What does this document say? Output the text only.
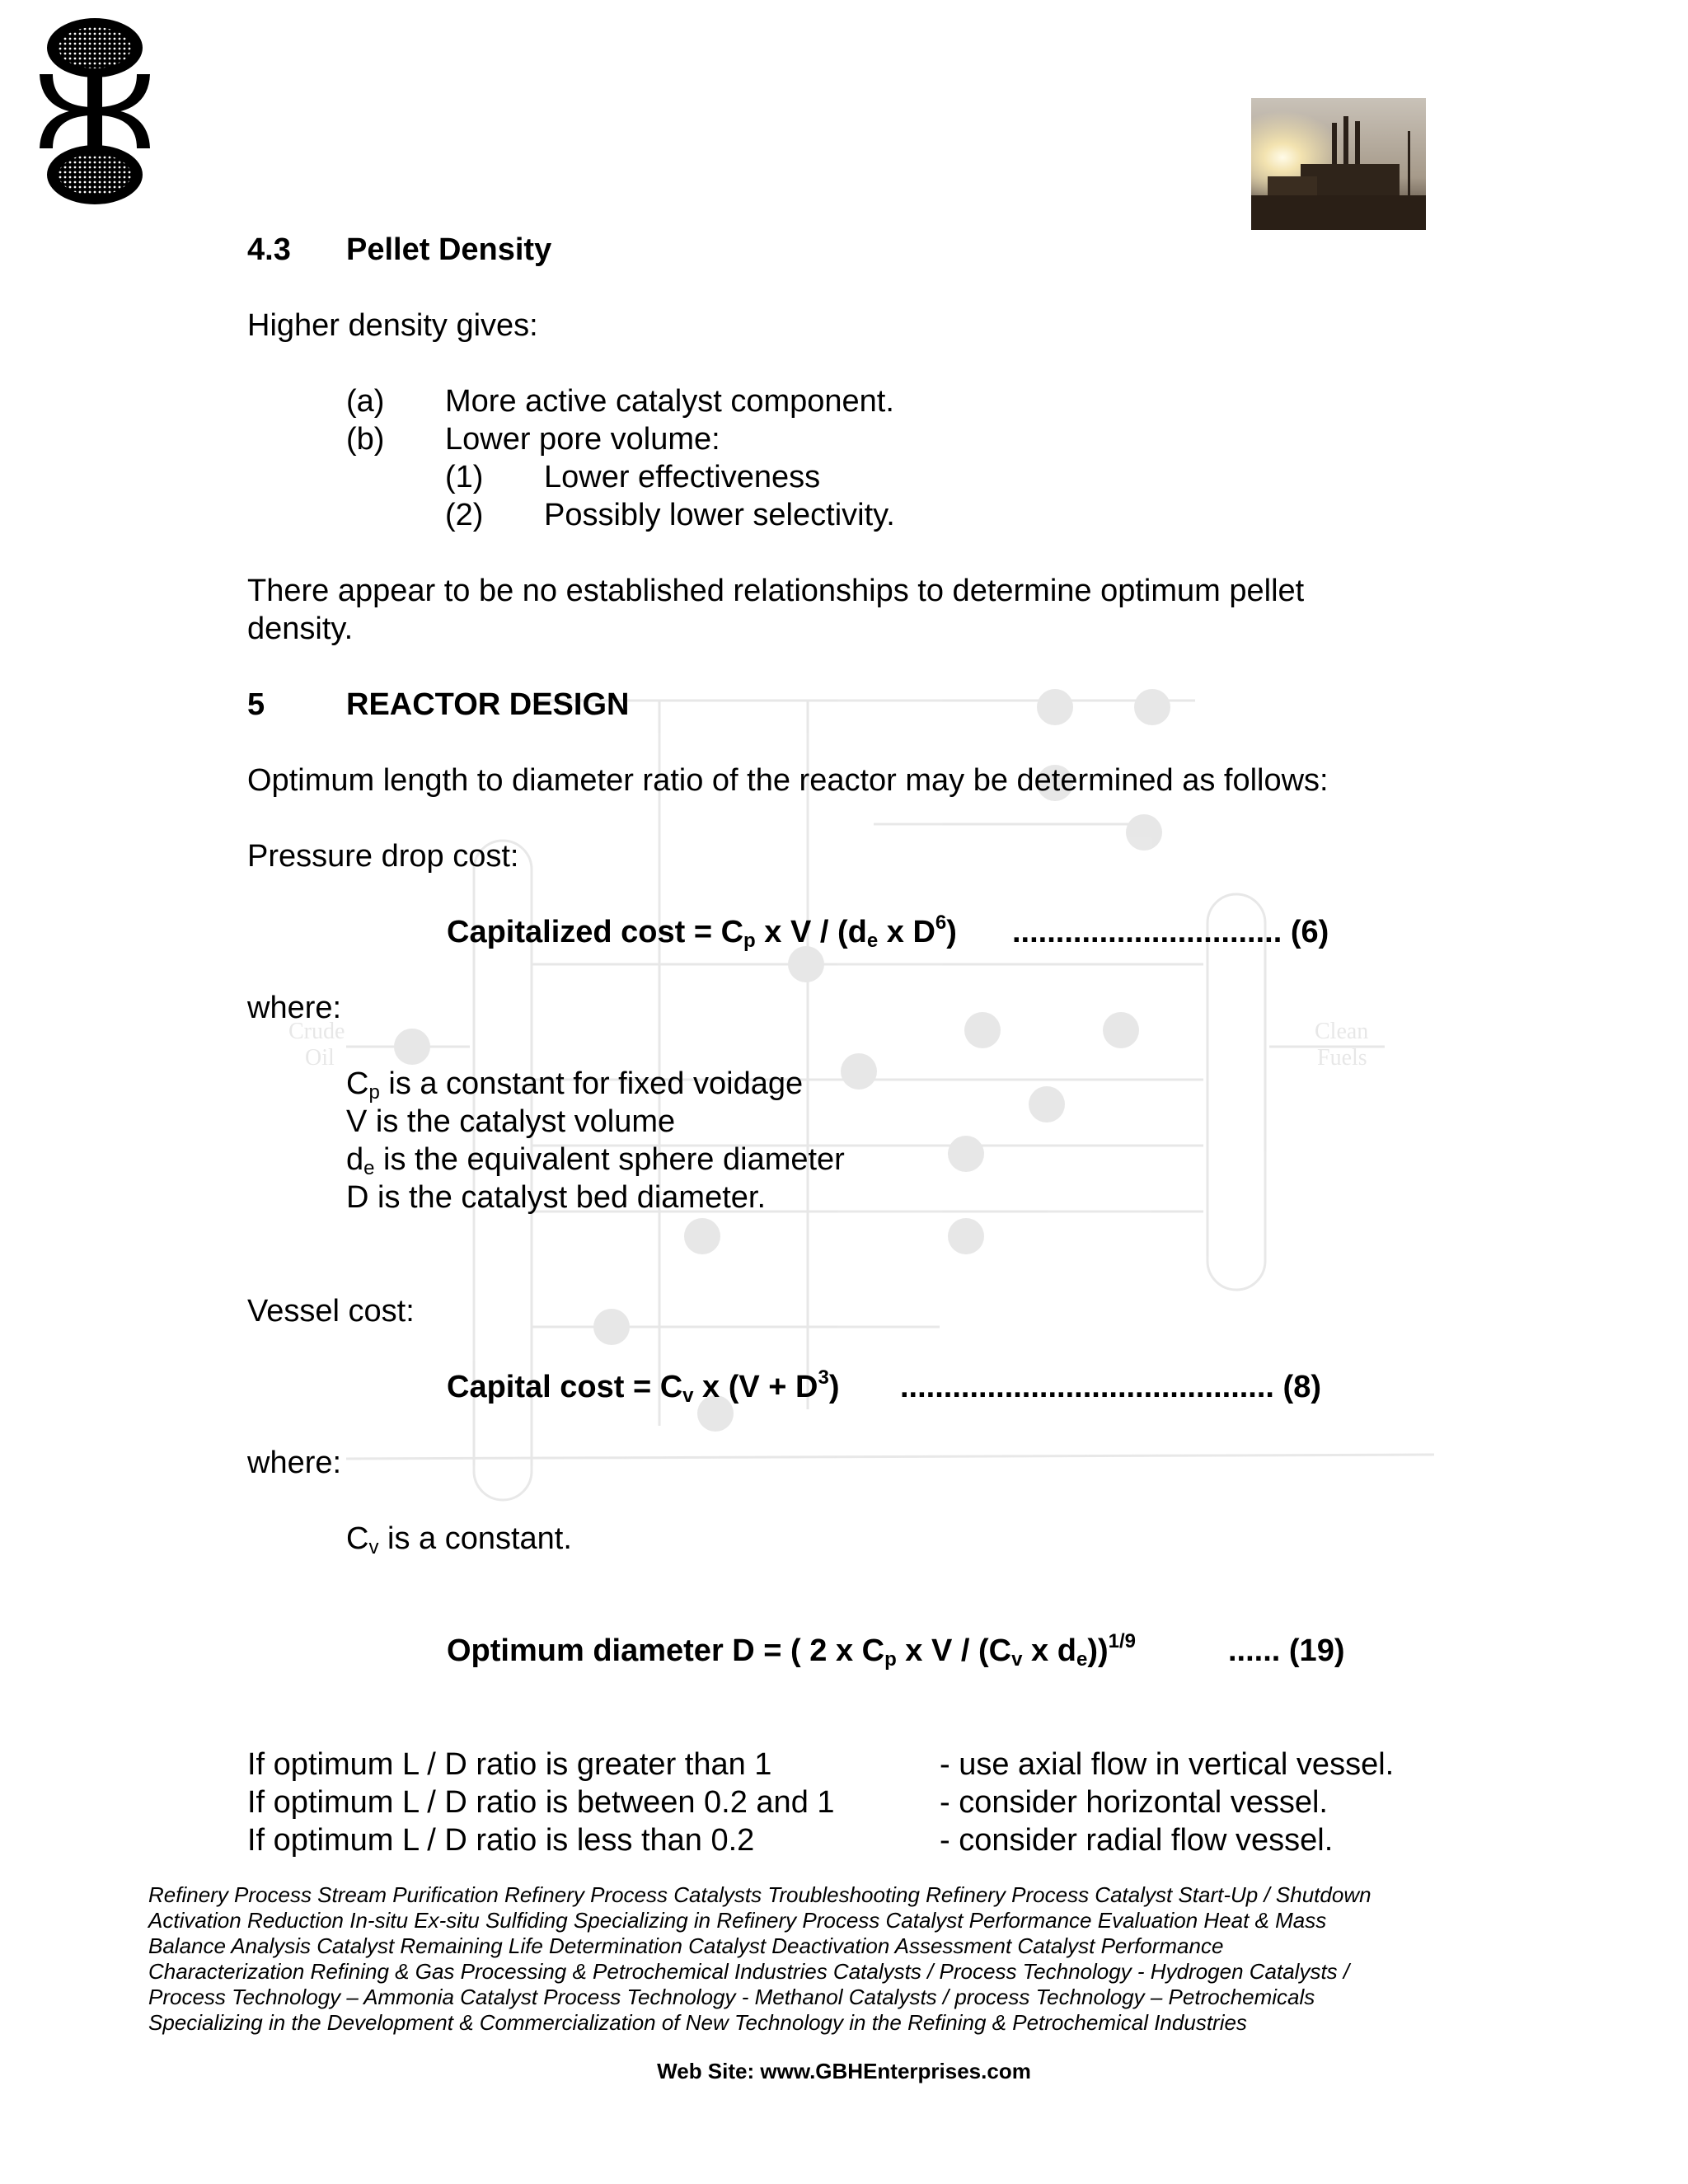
Crude
Oil
Clean
Fuels
4.3 Pellet Density
Higher density gives:
(a) More active catalyst component.
(b) Lower pore volume:
(1) Lower effectiveness
(2) Possibly lower selectivity.
There appear to be no established relationships to determine optimum pellet
density.
5	REACTOR DESIGN
Optimum length to diameter ratio of the reactor may be determined as follows:
Pressure drop cost:
Capitalized $\cos t = C_p$ x V / ($d_e$ x $D^6$) ............................... (6)
where:
$C_p$ is a constant for fixed voidage
V is the catalyst volume
$d_e$ is the equivalent sphere diameter
D is the catalyst bed diameter.
Vessel cost:
Capital $\cos t = C_v$ x $(V + D^3)$ ........................................... (8)
where:
$C_v$ is a constant.
Optimum diameter D = ( 2 x $C_p$ x V / ($C_v$ x $d_e))^{1/9}$	...... (19)
If optimum L / D ratio is greater than 1	- use axial flow in vertical vessel.
If optimum L / D ratio is between 0.2 and 1	- consider horizontal vessel.
If optimum L / D ratio is less than 0.2	- consider radial flow vessel.
Refinery Process Stream Purification Refinery Process Catalysts Troubleshooting Refinery Process Catalyst Start-Up / Shutdown
Activation Reduction In-situ Ex-situ Sulfiding Specializing in Refinery Process Catalyst Performance Evaluation Heat & Mass
Balance Analysis Catalyst Remaining Life Determination Catalyst Deactivation Assessment Catalyst Performance
Characterization Refining & Gas Processing & Petrochemical Industries Catalysts / Process Technology - Hydrogen Catalysts /
Process Technology – Ammonia Catalyst Process Technology - Methanol Catalysts / process Technology – Petrochemicals
Specializing in the Development & Commercialization of New Technology in the Refining & Petrochemical Industries
Web Site: www.GBHEnterprises.com
